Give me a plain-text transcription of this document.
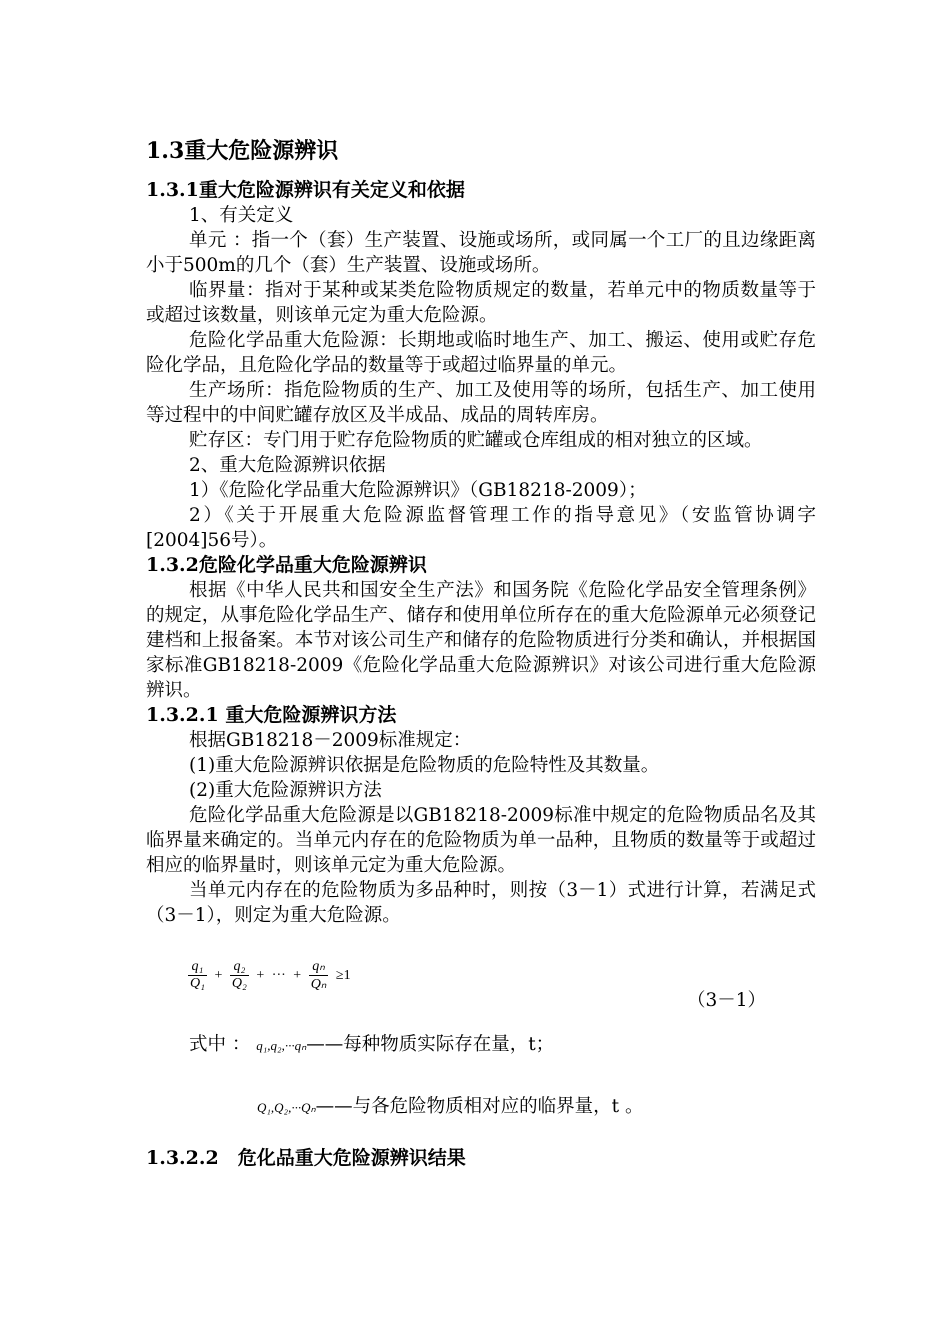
1.3重大危险源辨识
1.3.1重大危险源辨识有关定义和依据

1、有关定义

单元 ：指一个（套）生产装置、设施或场所，或同属一个工厂的且边缘距离小于500m的几个（套）生产装置、设施或场所。

临界量：指对于某种或某类危险物质规定的数量，若单元中的物质数量等于或超过该数量，则该单元定为重大危险源。

危险化学品重大危险源：长期地或临时地生产、加工、搬运、使用或贮存危险化学品，且危险化学品的数量等于或超过临界量的单元。

生产场所：指危险物质的生产、加工及使用等的场所，包括生产、加工使用等过程中的中间贮罐存放区及半成品、成品的周转库房。

贮存区：专门用于贮存危险物质的贮罐或仓库组成的相对独立的区域。

2、重大危险源辨识依据

1）《危险化学品重大危险源辨识》（GB18218-2009）；

2）《关于开展重大危险源监督管理工作的指导意见》（安监管协调字[2004]56号）。

1.3.2危险化学品重大危险源辨识

根据《中华人民共和国安全生产法》和国务院《危险化学品安全管理条例》的规定，从事危险化学品生产、储存和使用单位所存在的重大危险源单元必须登记建档和上报备案。本节对该公司生产和储存的危险物质进行分类和确认，并根据国家标准GB18218-2009《危险化学品重大危险源辨识》对该公司进行重大危险源辨识。

1.3.2.1 重大危险源辨识方法

根据GB18218－2009标准规定：

(1)重大危险源辨识依据是危险物质的危险特性及其数量。

(2)重大危险源辨识方法

危险化学品重大危险源是以GB18218-2009标准中规定的危险物质品名及其临界量来确定的。当单元内存在的危险物质为单一品种，且物质的数量等于或超过相应的临界量时，则该单元定为重大危险源。

当单元内存在的危险物质为多品种时，则按（3－1）式进行计算，若满足式（3－1），则定为重大危险源。

$\frac{\text{q₁}}{\text{Q₁}} + \frac{\text{q₂}}{\text{Q₂}}$ + ··· + $\frac{\text{qₙ}}{\text{Qₙ}} \ge 1$
（3－1）

式中 ： q₁,q₂,···qₙ——每种物质实际存在量，t；

Q₁,Q₂,···Qₙ——与各危险物质相对应的临界量，t 。

1.3.2.2　危化品重大危险源辨识结果
